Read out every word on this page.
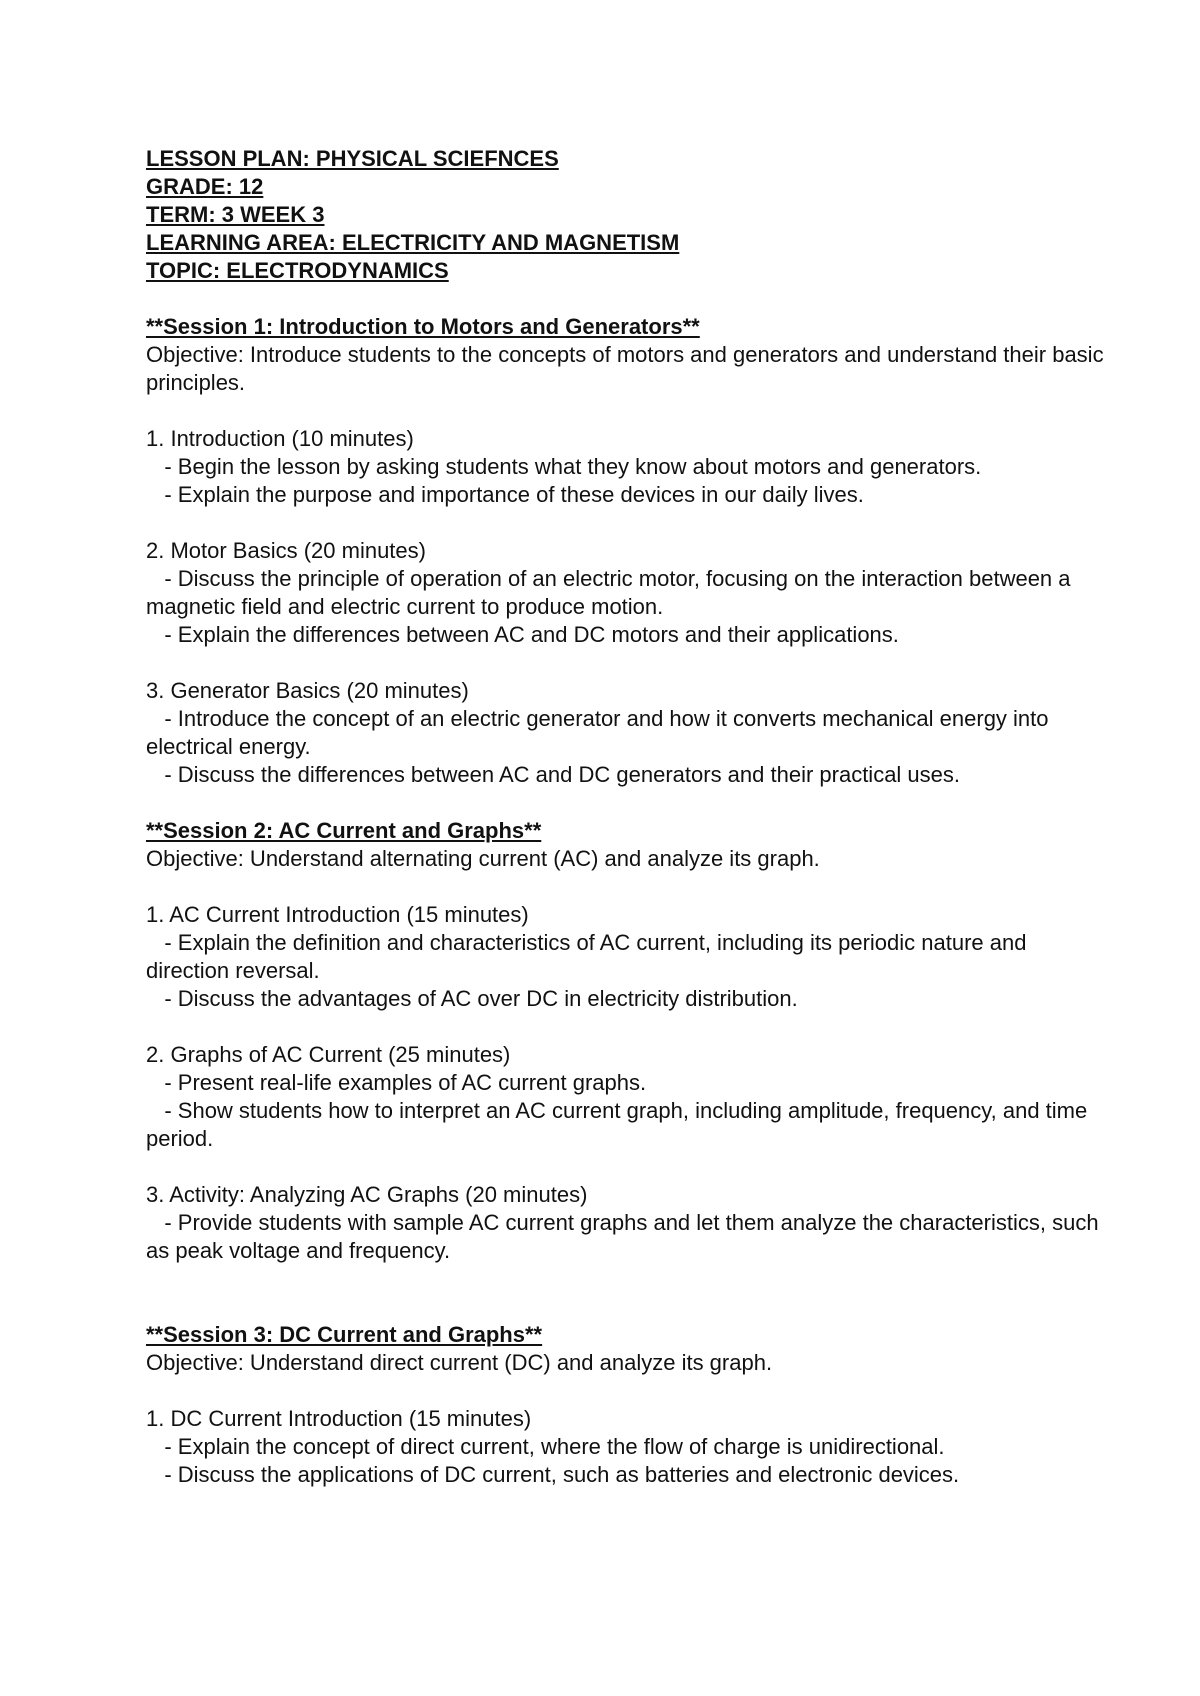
LESSON PLAN: PHYSICAL SCIEFNCES
GRADE: 12
TERM: 3 WEEK 3
LEARNING AREA: ELECTRICITY AND MAGNETISM
TOPIC: ELECTRODYNAMICS
**Session 1: Introduction to Motors and Generators**
Objective: Introduce students to the concepts of motors and generators and understand their basic principles.
1. Introduction (10 minutes)
- Begin the lesson by asking students what they know about motors and generators.
- Explain the purpose and importance of these devices in our daily lives.
2. Motor Basics (20 minutes)
- Discuss the principle of operation of an electric motor, focusing on the interaction between a magnetic field and electric current to produce motion.
- Explain the differences between AC and DC motors and their applications.
3. Generator Basics (20 minutes)
- Introduce the concept of an electric generator and how it converts mechanical energy into electrical energy.
- Discuss the differences between AC and DC generators and their practical uses.
**Session 2: AC Current and Graphs**
Objective: Understand alternating current (AC) and analyze its graph.
1. AC Current Introduction (15 minutes)
- Explain the definition and characteristics of AC current, including its periodic nature and direction reversal.
- Discuss the advantages of AC over DC in electricity distribution.
2. Graphs of AC Current (25 minutes)
- Present real-life examples of AC current graphs.
- Show students how to interpret an AC current graph, including amplitude, frequency, and time period.
3. Activity: Analyzing AC Graphs (20 minutes)
- Provide students with sample AC current graphs and let them analyze the characteristics, such as peak voltage and frequency.
**Session 3: DC Current and Graphs**
Objective: Understand direct current (DC) and analyze its graph.
1. DC Current Introduction (15 minutes)
- Explain the concept of direct current, where the flow of charge is unidirectional.
- Discuss the applications of DC current, such as batteries and electronic devices.
